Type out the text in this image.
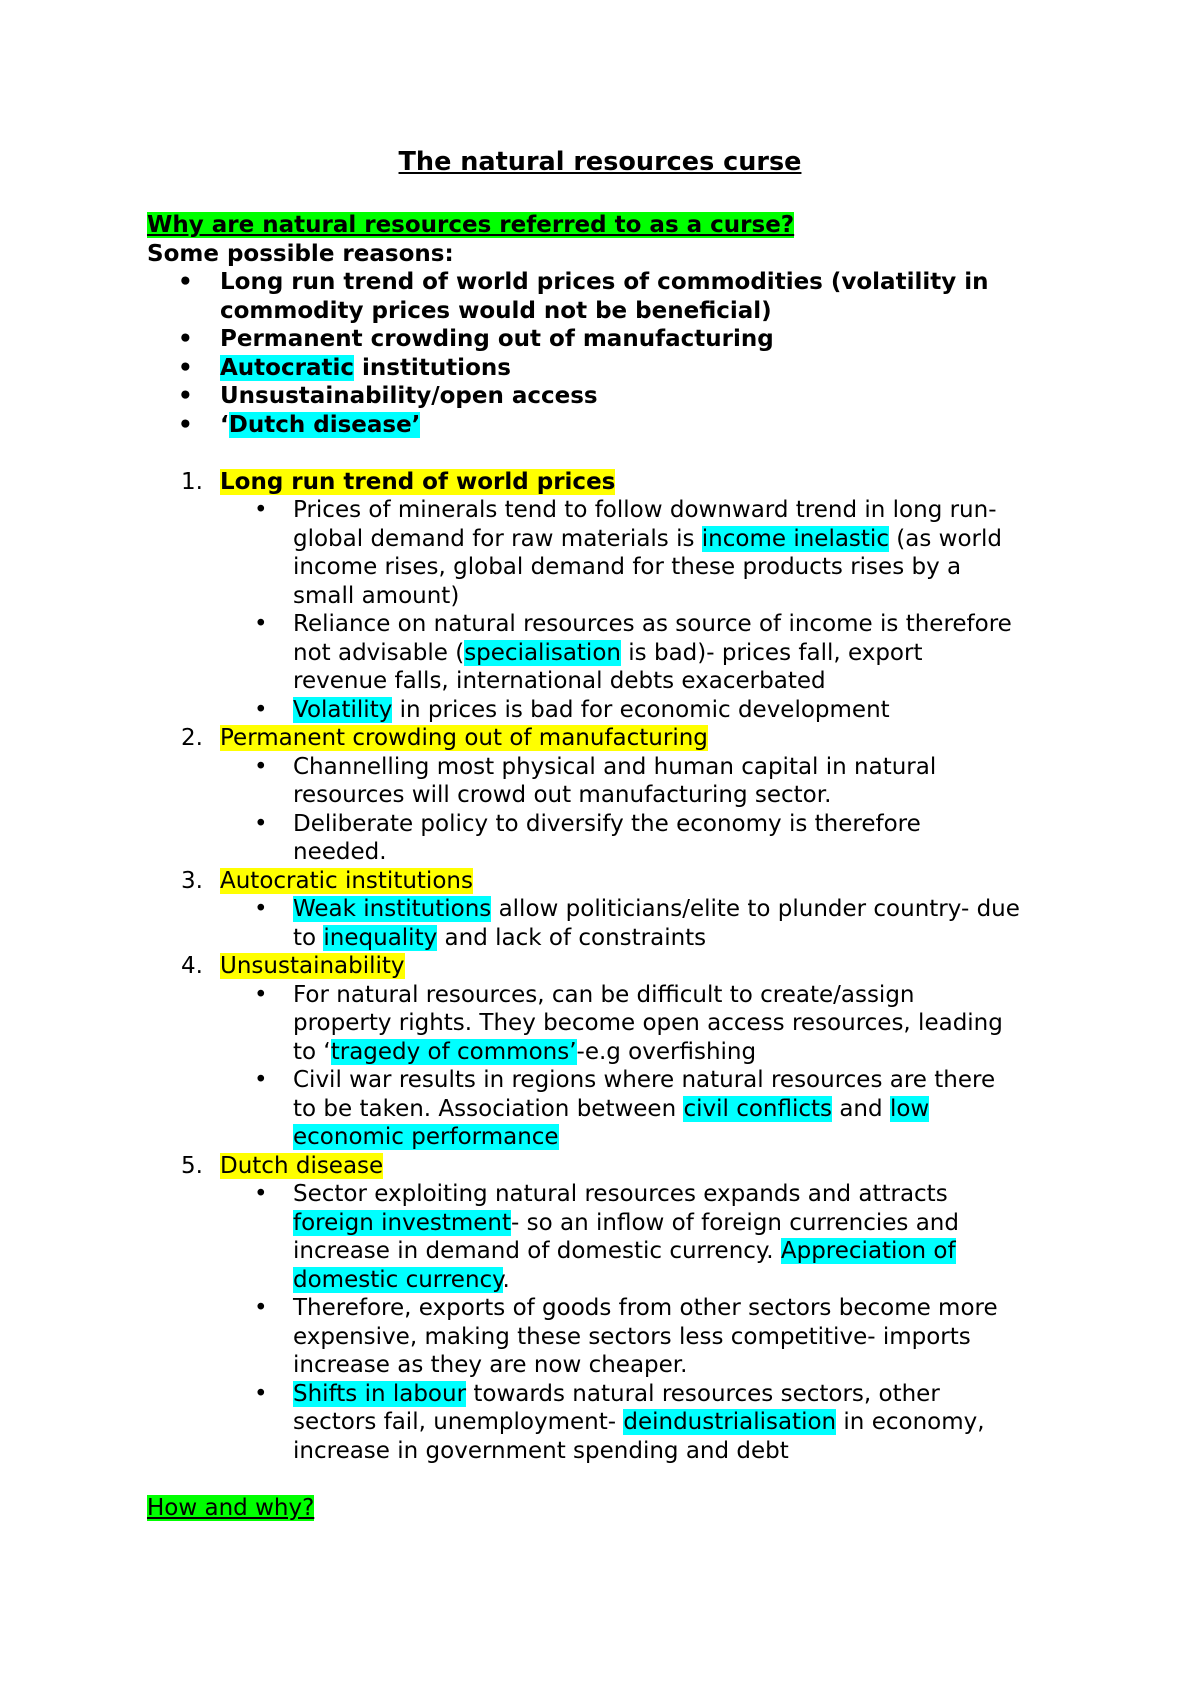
The natural resources curse
Why are natural resources referred to as a curse?
Some possible reasons:
• Long run trend of world prices of commodities (volatility in
commodity prices would not be beneficial)
• Permanent crowding out of manufacturing
• Autocratic institutions
• Unsustainability/open access
• ‘Dutch disease’
1. Long run trend of world prices
• Prices of minerals tend to follow downward trend in long run-
global demand for raw materials is income inelastic (as world
income rises, global demand for these products rises by a
small amount)
• Reliance on natural resources as source of income is therefore
not advisable (specialisation is bad)- prices fall, export
revenue falls, international debts exacerbated
• Volatility in prices is bad for economic development
2. Permanent crowding out of manufacturing
• Channelling most physical and human capital in natural
resources will crowd out manufacturing sector.
• Deliberate policy to diversify the economy is therefore
needed.
3. Autocratic institutions
• Weak institutions allow politicians/elite to plunder country- due
to inequality and lack of constraints
4. Unsustainability
• For natural resources, can be difficult to create/assign
property rights. They become open access resources, leading
to ‘tragedy of commons’-e.g overfishing
• Civil war results in regions where natural resources are there
to be taken. Association between civil conflicts and low
economic performance
5. Dutch disease
• Sector exploiting natural resources expands and attracts
foreign investment- so an inflow of foreign currencies and
increase in demand of domestic currency. Appreciation of
domestic currency.
• Therefore, exports of goods from other sectors become more
expensive, making these sectors less competitive- imports
increase as they are now cheaper.
• Shifts in labour towards natural resources sectors, other
sectors fail, unemployment- deindustrialisation in economy,
increase in government spending and debt
How and why?
